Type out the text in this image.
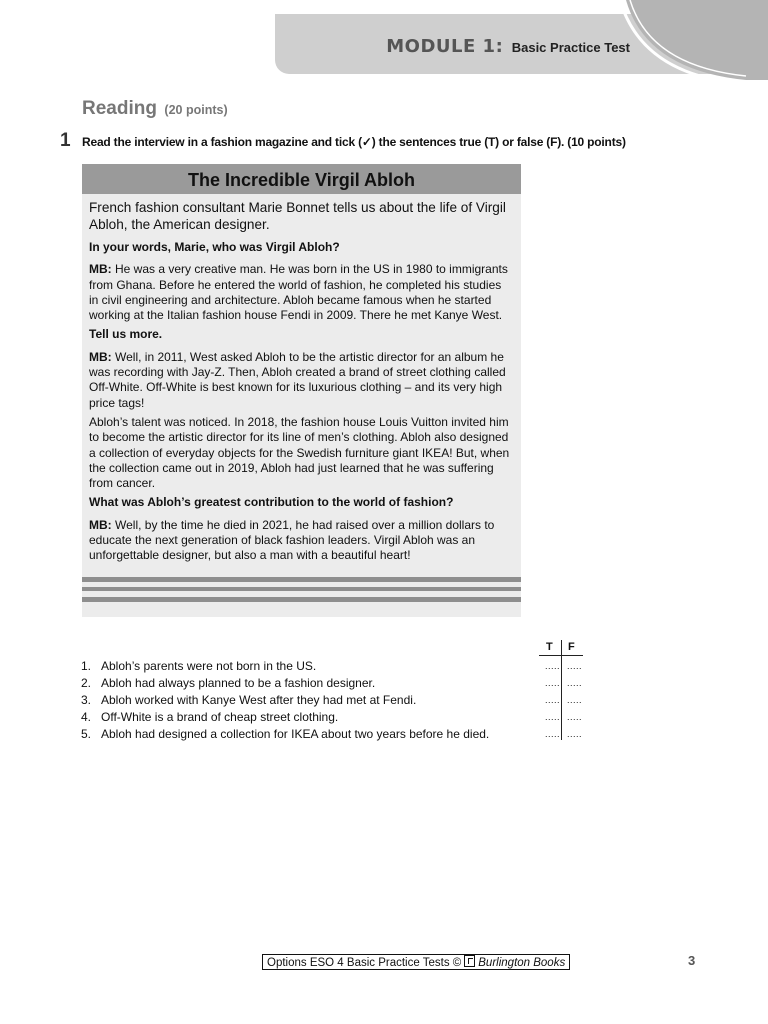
MODULE 1: Basic Practice Test
Reading (20 points)
1 Read the interview in a fashion magazine and tick (✓) the sentences true (T) or false (F). (10 points)
The Incredible Virgil Abloh

French fashion consultant Marie Bonnet tells us about the life of Virgil Abloh, the American designer.

In your words, Marie, who was Virgil Abloh?

MB: He was a very creative man. He was born in the US in 1980 to immigrants from Ghana. Before he entered the world of fashion, he completed his studies in civil engineering and architecture. Abloh became famous when he started working at the Italian fashion house Fendi in 2009. There he met Kanye West.

Tell us more.

MB: Well, in 2011, West asked Abloh to be the artistic director for an album he was recording with Jay-Z. Then, Abloh created a brand of street clothing called Off-White. Off-White is best known for its luxurious clothing – and its very high price tags!

Abloh’s talent was noticed. In 2018, the fashion house Louis Vuitton invited him to become the artistic director for its line of men’s clothing. Abloh also designed a collection of everyday objects for the Swedish furniture giant IKEA! But, when the collection came out in 2019, Abloh had just learned that he was suffering from cancer.

What was Abloh’s greatest contribution to the world of fashion?

MB: Well, by the time he died in 2021, he had raised over a million dollars to educate the next generation of black fashion leaders. Virgil Abloh was an unforgettable designer, but also a man with a beautiful heart!

T F
1. Abloh’s parents were not born in the US.	..... .....
2. Abloh had always planned to be a fashion designer.	..... .....
3. Abloh worked with Kanye West after they had met at Fendi.	..... .....
4. Off-White is a brand of cheap street clothing.	..... .....
5. Abloh had designed a collection for IKEA about two years before he died.	..... .....
Options ESO 4 Basic Practice Tests © Burlington Books	3
